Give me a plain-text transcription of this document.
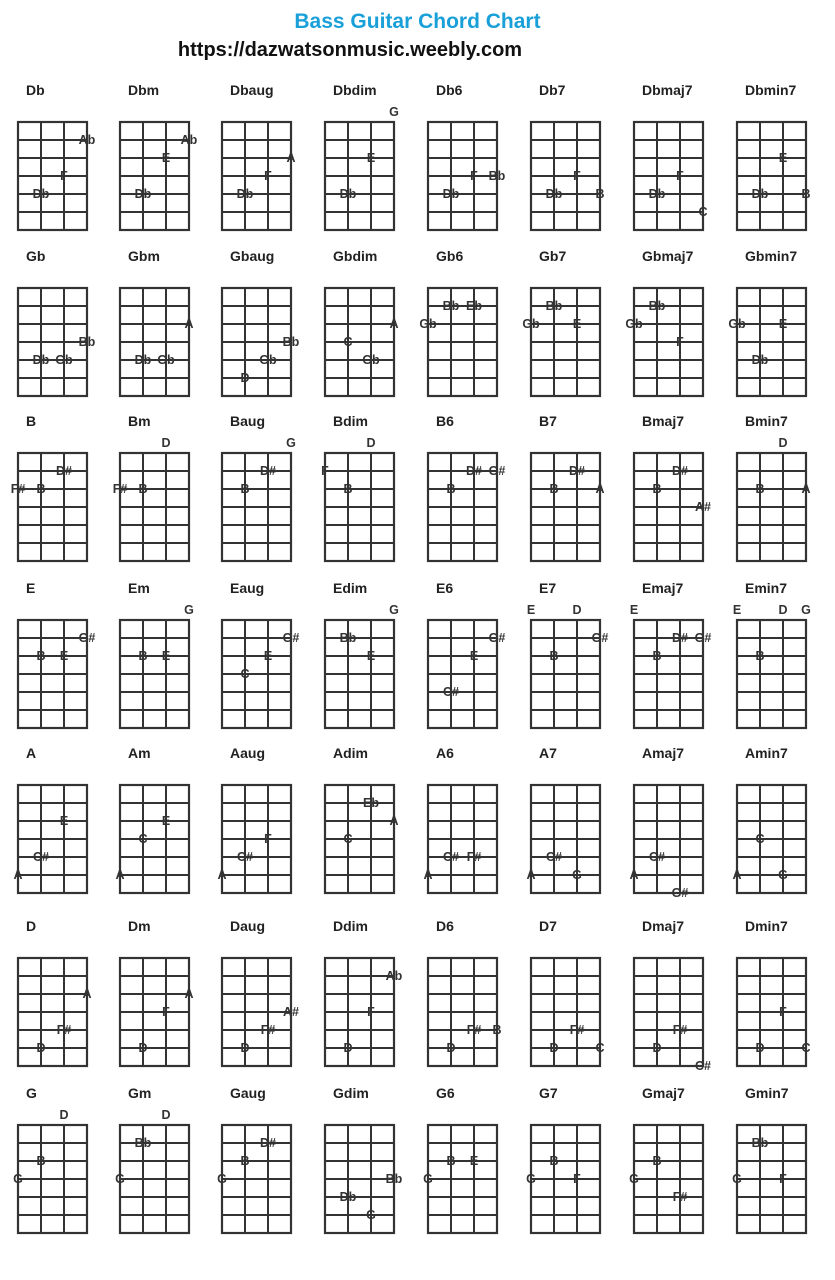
Bass Guitar Chord Chart
https://dazwatsonmusic.weebly.com
Db
Db
F
Ab
Dbm
Db
E
Ab
Dbaug
Db
F
A
Dbdim
Db
E
G
Db6
Db
F Bb
Db7
Db
F
B
Dbmaj7
Db
F
C
Dbmin7
Db
E
B
Gb
Db Gb
Bb
Gbm
Db Gb
A
Gbaug
Gb
Bb
D
Gbdim
C
Gb
A
Gb6
Gb
Bb Eb
Gb7
Gb
Bb
E
Gbmaj7
Gb
Bb
F
Gbmin7
Gb	E
Db
B
F# B
D#
Bm
F# B
D
Baug
B
D#
G
Bdim
F
B
D
B6
B
D# G#
B7
B
D#
A
Bmaj7
B
D#
A#
Bmin7
B
D
A
E
B E
G#
Em
B E
G
Eaug
C
E
G#
Edim
Bb
E
G
E6
C#
E
G#
E7
E	D
B
G#
Emaj7
E
B
D# G#
Emin7
E	D G
B
A
A
C#
E
Am
A
C
E
Aaug
A
C#
F
Adim
C
Eb
A
A6
A
C# F#
A7
A
C#
G
Amaj7
A
C#
G#
Amin7
A
C
G
D
D
F#
A
Dm
D
F
A
Daug
D
F#
A#
Ddim
D
F
Ab
D6
D
F# B
D7
D
F#
C
Dmaj7
D
F#
C#
Dmin7
D
F
C
G
D
B
G
Gm
D
Bb
G
Gaug
D#
B
G
Gdim
Bb
Db
G
G6
G
B E
G7
G
B
F
Gmaj7
G
B
F#
Gmin7
Bb
G	F
